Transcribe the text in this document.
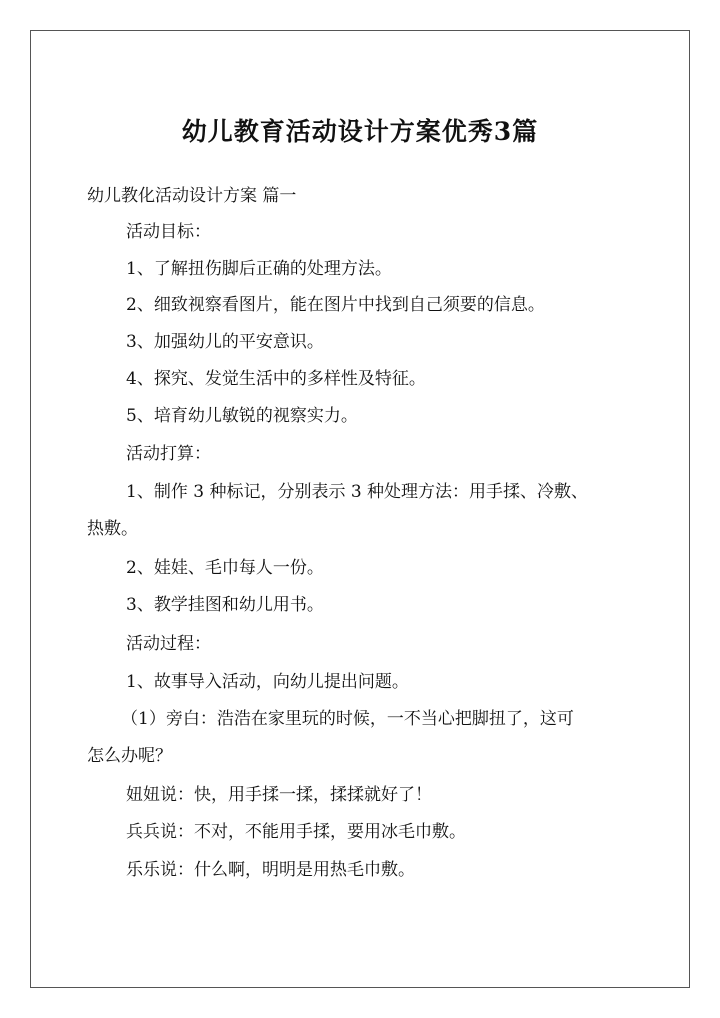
幼儿教育活动设计方案优秀3篇

幼儿教化活动设计方案 篇一

活动目标：

1、了解扭伤脚后正确的处理方法。

2、细致视察看图片，能在图片中找到自己须要的信息。

3、加强幼儿的平安意识。

4、探究、发觉生活中的多样性及特征。

5、培育幼儿敏锐的视察实力。

活动打算：

1、制作 3 种标记，分别表示 3 种处理方法：用手揉、冷敷、

热敷。

2、娃娃、毛巾每人一份。

3、教学挂图和幼儿用书。

活动过程：

1、故事导入活动，向幼儿提出问题。

（1）旁白：浩浩在家里玩的时候，一不当心把脚扭了，这可

怎么办呢？

妞妞说：快，用手揉一揉，揉揉就好了！

兵兵说：不对，不能用手揉，要用冰毛巾敷。

乐乐说：什么啊，明明是用热毛巾敷。
